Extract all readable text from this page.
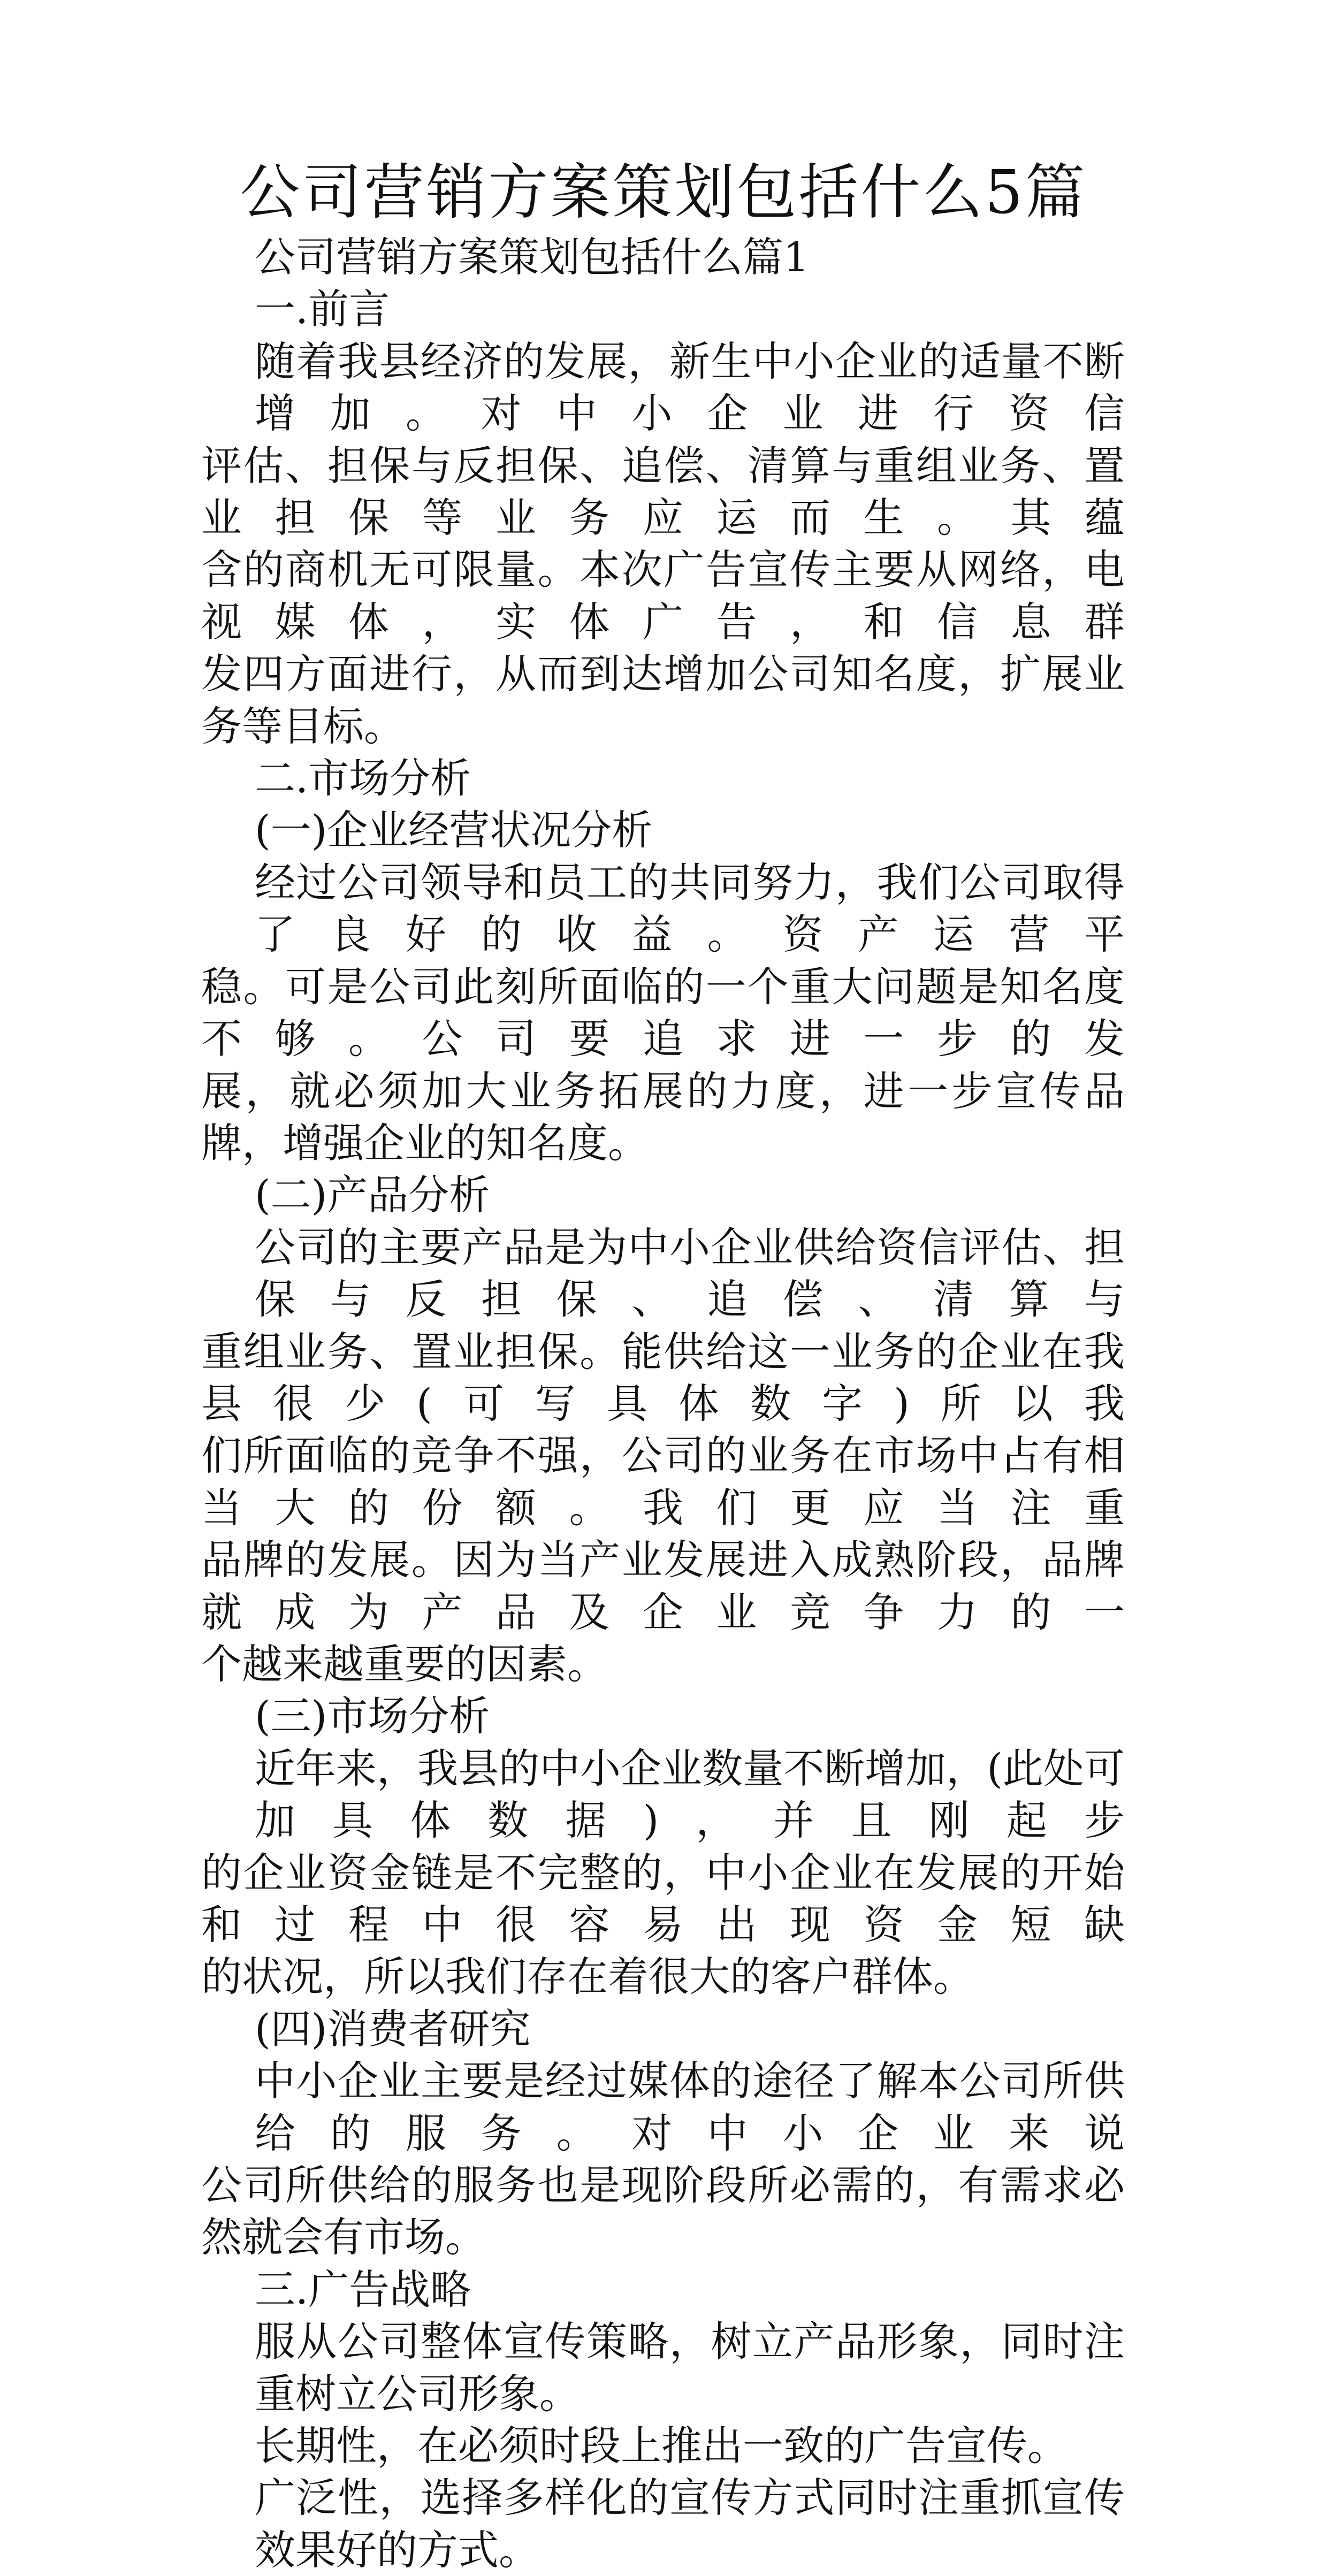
公司营销方案策划包括什么5篇
公司营销方案策划包括什么篇1
一.前言
随着我县经济的发展，新生中小企业的适量不断增加。对中小企业进行资信
评估、担保与反担保、追偿、清算与重组业务、置业担保等业务应运而生。其蕴
含的商机无可限量。本次广告宣传主要从网络，电视媒体，实体广告，和信息群
发四方面进行，从而到达增加公司知名度，扩展业务等目标。
二.市场分析
(一)企业经营状况分析
经过公司领导和员工的共同努力，我们公司取得了良好的收益。资产运营平
稳。可是公司此刻所面临的一个重大问题是知名度不够。公司要追求进一步的发
展，就必须加大业务拓展的力度，进一步宣传品牌，增强企业的知名度。
(二)产品分析
公司的主要产品是为中小企业供给资信评估、担保与反担保、追偿、清算与
重组业务、置业担保。能供给这一业务的企业在我县很少(可写具体数字)所以我
们所面临的竞争不强，公司的业务在市场中占有相当大的份额。我们更应当注重
品牌的发展。因为当产业发展进入成熟阶段，品牌就成为产品及企业竞争力的一
个越来越重要的因素。
(三)市场分析
近年来，我县的中小企业数量不断增加，(此处可加具体数据)，并且刚起步
的企业资金链是不完整的，中小企业在发展的开始和过程中很容易出现资金短缺
的状况，所以我们存在着很大的客户群体。
(四)消费者研究
中小企业主要是经过媒体的途径了解本公司所供给的服务。对中小企业来说
公司所供给的服务也是现阶段所必需的，有需求必然就会有市场。
三.广告战略
服从公司整体宣传策略，树立产品形象，同时注重树立公司形象。
长期性，在必须时段上推出一致的广告宣传。
广泛性，选择多样化的宣传方式同时注重抓宣传效果好的方式。
